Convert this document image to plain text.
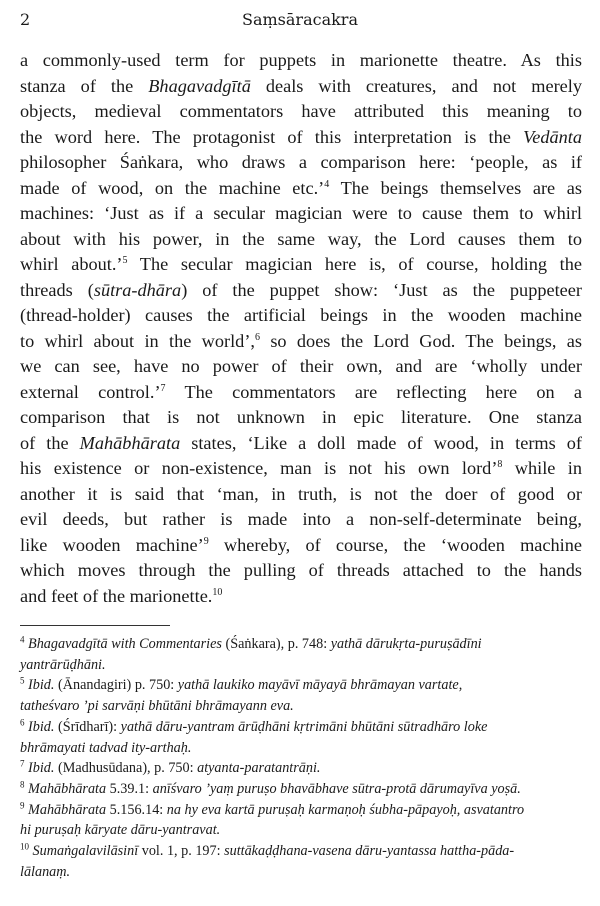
2	Saṃsāracakra
a commonly-used term for puppets in marionette theatre. As this
stanza of the Bhagavadgītā deals with creatures, and not merely
objects, medieval commentators have attributed this meaning to
the word here. The protagonist of this interpretation is the Vedānta
philosopher Śaṅkara, who draws a comparison here: ‘people, as if
made of wood, on the machine etc.’$^4$ The beings themselves are as
machines: ‘Just as if a secular magician were to cause them to whirl
about with his power, in the same way, the Lord causes them to
whirl about.’$^5$ The secular magician here is, of course, holding the
threads (sūtra-dhāra) of the puppet show: ‘Just as the puppeteer
(thread-holder) causes the artificial beings in the wooden machine
to whirl about in the world’,$^6$ so does the Lord God. The beings, as
we can see, have no power of their own, and are ‘wholly under
external control.’$^7$ The commentators are reflecting here on a
comparison that is not unknown in epic literature. One stanza
of the Mahābhārata states, ‘Like a doll made of wood, in terms of
his existence or non-existence, man is not his own lord’$^8$ while in
another it is said that ‘man, in truth, is not the doer of good or
evil deeds, but rather is made into a non-self-determinate being,
like wooden machine’$^9$ whereby, of course, the ‘wooden machine
which moves through the pulling of threads attached to the hands
and feet of the marionette.$^{10}$
$^4$ Bhagavadgītā with Commentaries (Śaṅkara), p. 748: yathā dārukṛta-puruṣādīni
yantrārūḍhāni.
$^5$ Ibid. (Ānandagiri) p. 750: yathā laukiko mayāvī māyayā bhrāmayan vartate,
tatheśvaro ’pi sarvāṇi bhūtāni bhrāmayann eva.
$^6$ Ibid. (Śrīdharī): yathā dāru-yantram ārūḍhāni kṛtrimāni bhūtāni sūtradhāro loke
bhrāmayati tadvad ity-arthaḥ.
$^7$ Ibid. (Madhusūdana), p. 750: atyanta-paratantrāṇi.
$^8$ Mahābhārata 5.39.1: anīśvaro ’yaṃ puruṣo bhavābhave sūtra-protā dārumayīva yoṣā.
$^9$ Mahābhārata 5.156.14: na hy eva kartā puruṣaḥ karmaṇoḥ śubha-pāpayoḥ, asvatantro
hi puruṣaḥ kāryate dāru-yantravat.
$^{10}$ Sumaṅgalavilāsinī vol. 1, p. 197: suttākaḍḍhana-vasena dāru-yantassa hattha-pāda-
lālanaṃ.
